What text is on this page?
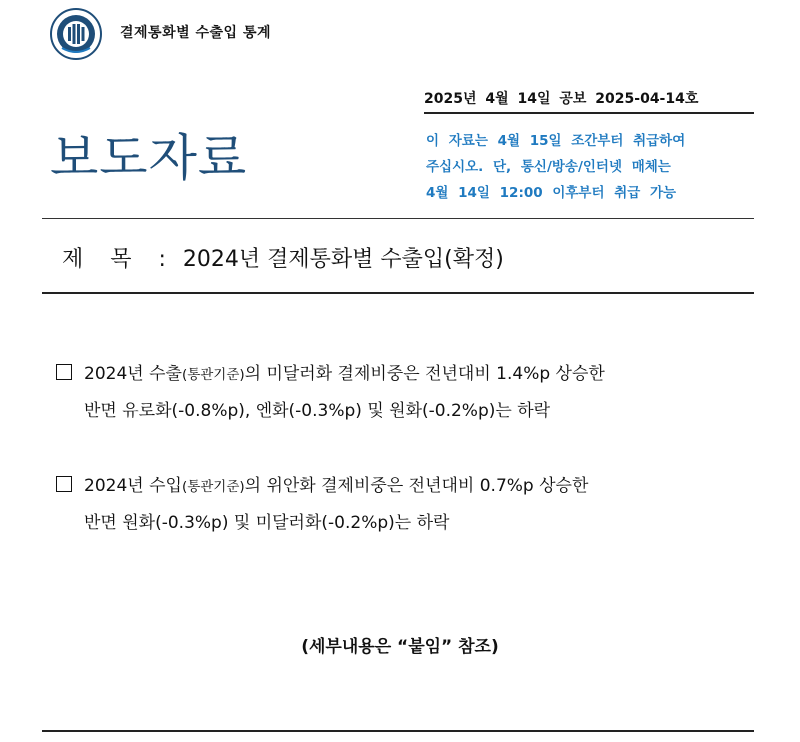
결제통화별 수출입 통계
2025년 4월 14일 공보 2025-04-14호
보도자료	이 자료는 4월 15일 조간부터 취급하여
주십시오. 단, 통신/방송/인터넷 매체는
4월 14일 12:00 이후부터 취급 가능
제 목 : 2024년 결제통화별 수출입(확정)
2024년 수출(통관기준)의 미달러화 결제비중은 전년대비 1.4%p 상승한
반면 유로화(-0.8%p), 엔화(-0.3%p) 및 원화(-0.2%p)는 하락
2024년 수입(통관기준)의 위안화 결제비중은 전년대비 0.7%p 상승한
반면 원화(-0.3%p) 및 미달러화(-0.2%p)는 하락
(세부내용은 “붙임” 참조)
